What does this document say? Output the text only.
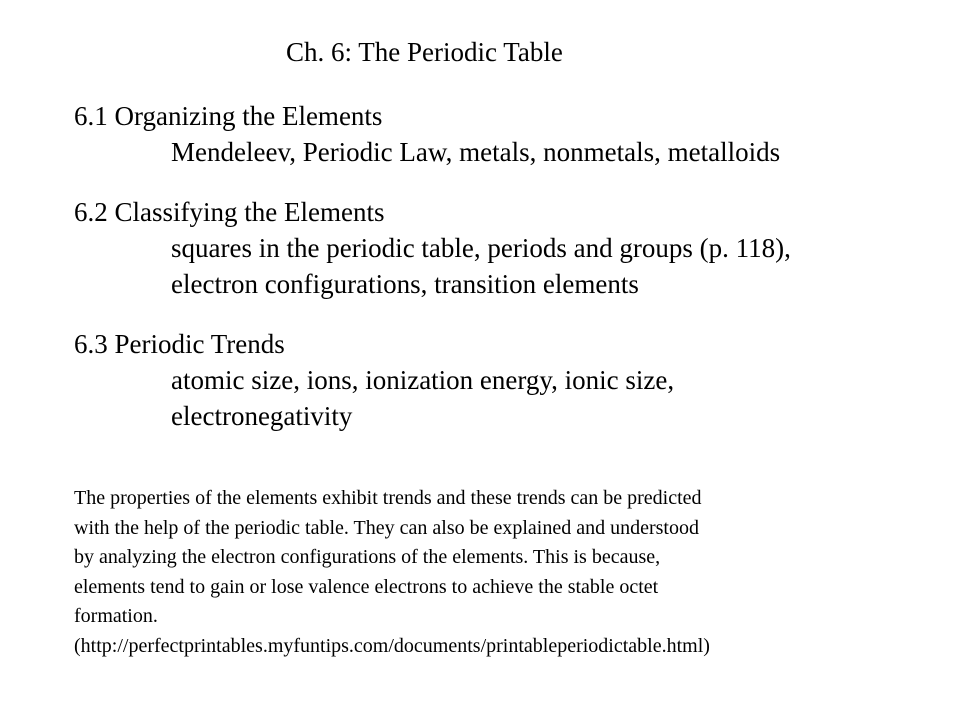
Ch. 6: The Periodic Table
6.1 Organizing the Elements
Mendeleev, Periodic Law, metals, nonmetals, metalloids
6.2 Classifying the Elements
squares in the periodic table, periods and groups (p. 118),
electron configurations, transition elements
6.3 Periodic Trends
atomic size, ions, ionization energy, ionic size,
electronegativity
The properties of the elements exhibit trends and these trends can be predicted
with the help of the periodic table. They can also be explained and understood
by analyzing the electron configurations of the elements. This is because,
elements tend to gain or lose valence electrons to achieve the stable octet
formation.
(http://perfectprintables.myfuntips.com/documents/printableperiodictable.html)
